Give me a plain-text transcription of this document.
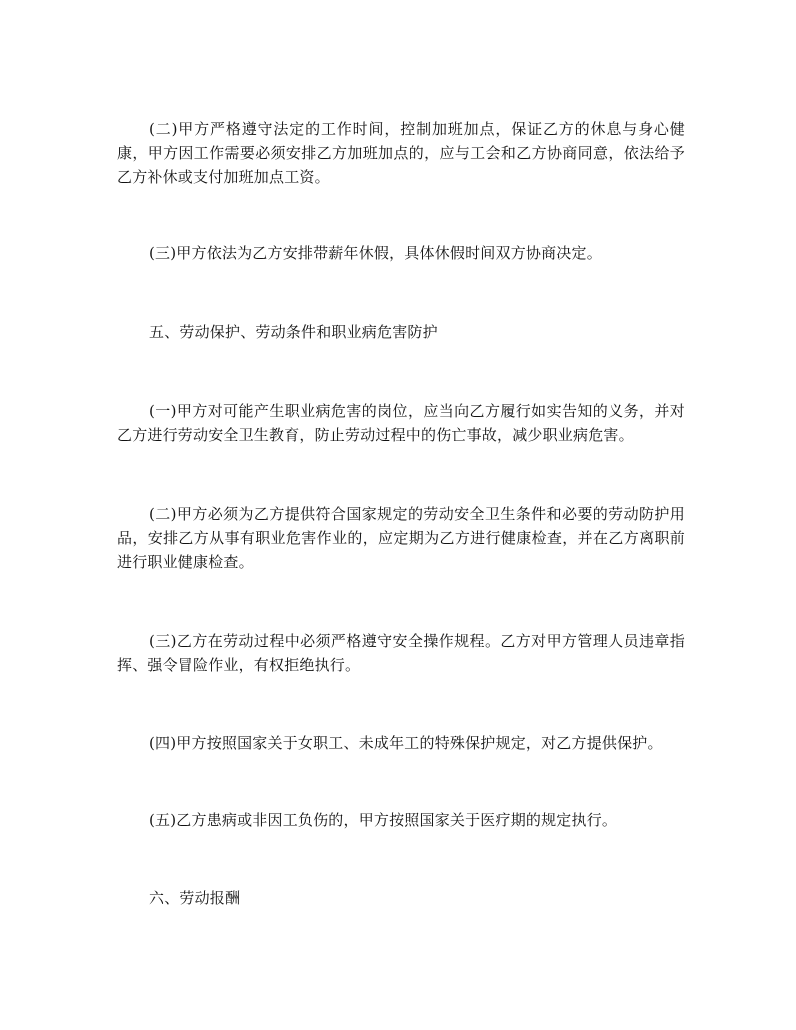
(二)甲方严格遵守法定的工作时间，控制加班加点，保证乙方的休息与身心健康，甲方因工作需要必须安排乙方加班加点的，应与工会和乙方协商同意，依法给予乙方补休或支付加班加点工资。

(三)甲方依法为乙方安排带薪年休假，具体休假时间双方协商决定。

五、劳动保护、劳动条件和职业病危害防护

(一)甲方对可能产生职业病危害的岗位，应当向乙方履行如实告知的义务，并对乙方进行劳动安全卫生教育，防止劳动过程中的伤亡事故，减少职业病危害。

(二)甲方必须为乙方提供符合国家规定的劳动安全卫生条件和必要的劳动防护用品，安排乙方从事有职业危害作业的，应定期为乙方进行健康检查，并在乙方离职前进行职业健康检查。

(三)乙方在劳动过程中必须严格遵守安全操作规程。乙方对甲方管理人员违章指挥、强令冒险作业，有权拒绝执行。

(四)甲方按照国家关于女职工、未成年工的特殊保护规定，对乙方提供保护。

(五)乙方患病或非因工负伤的，甲方按照国家关于医疗期的规定执行。

六、劳动报酬
